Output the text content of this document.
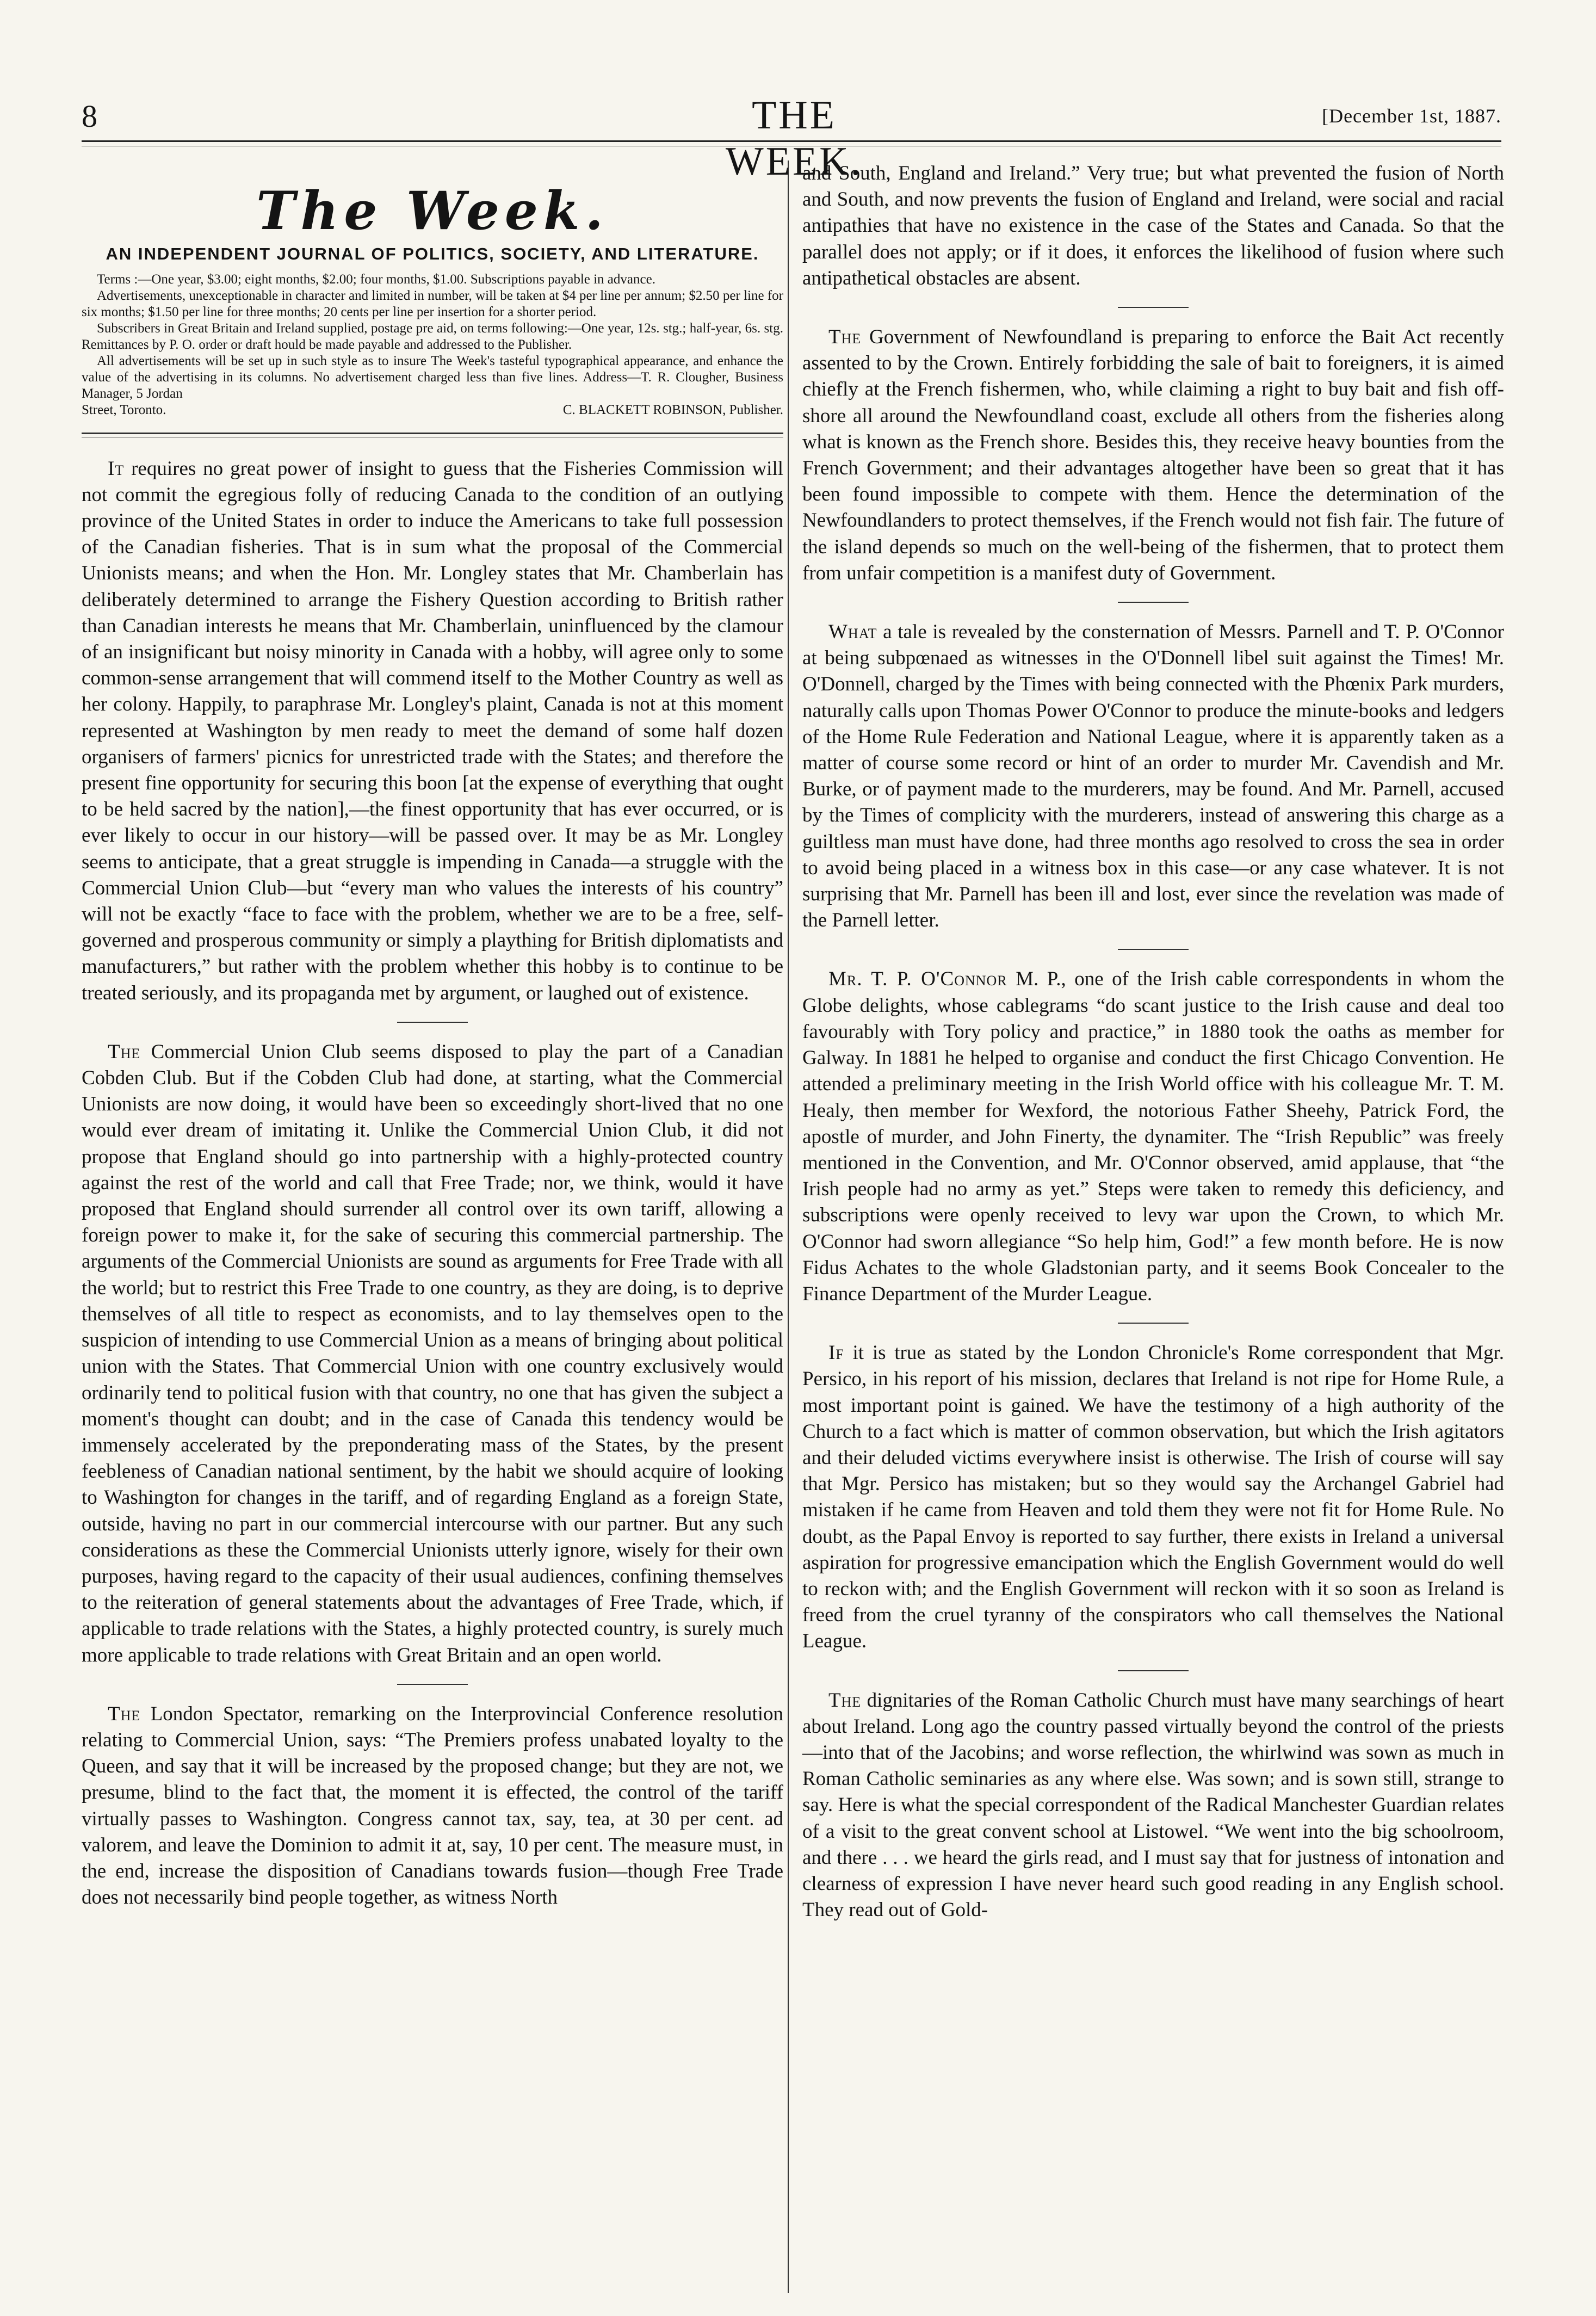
8	THE WEEK.
[December 1st, 1887.
The Week.
AN INDEPENDENT JOURNAL OF POLITICS, SOCIETY, AND LITERATURE.

Terms :—One year, $3.00; eight months, $2.00; four months, $1.00. Subscriptions payable in advance.

Advertisements, unexceptionable in character and limited in number, will be taken at $4 per line per annum; $2.50 per line for six months; $1.50 per line for three months; 20 cents per line per insertion for a shorter period.

Subscribers in Great Britain and Ireland supplied, postage pre aid, on terms following:—One year, 12s. stg.; half-year, 6s. stg. Remittances by P. O. order or draft hould be made payable and addressed to the Publisher.

All advertisements will be set up in such style as to insure The Week's tasteful typographical appearance, and enhance the value of the advertising in its columns. No advertisement charged less than five lines. Address—T. R. Clougher, Business Manager, 5 Jordan

Street, Toronto.	C. BLACKETT ROBINSON, Publisher.

It requires no great power of insight to guess that the Fisheries Commission will not commit the egregious folly of reducing Canada to the condition of an outlying province of the United States in order to induce the Americans to take full possession of the Canadian fisheries. That is in sum what the proposal of the Commercial Unionists means; and when the Hon. Mr. Longley states that Mr. Chamberlain has deliberately determined to arrange the Fishery Question according to British rather than Canadian interests he means that Mr. Chamberlain, uninfluenced by the clamour of an insignificant but noisy minority in Canada with a hobby, will agree only to some common-sense arrangement that will commend itself to the Mother Country as well as her colony. Happily, to paraphrase Mr. Longley's plaint, Canada is not at this moment represented at Washington by men ready to meet the demand of some half dozen organisers of farmers' picnics for unrestricted trade with the States; and therefore the present fine opportunity for securing this boon [at the expense of everything that ought to be held sacred by the nation],—the finest opportunity that has ever occurred, or is ever likely to occur in our history—will be passed over. It may be as Mr. Longley seems to anticipate, that a great struggle is impending in Canada—a struggle with the Commercial Union Club—but “every man who values the interests of his country” will not be exactly “face to face with the problem, whether we are to be a free, self-governed and prosperous community or simply a plaything for British diplomatists and manufacturers,” but rather with the problem whether this hobby is to continue to be treated seriously, and its propaganda met by argument, or laughed out of existence.

The Commercial Union Club seems disposed to play the part of a Canadian Cobden Club. But if the Cobden Club had done, at starting, what the Commercial Unionists are now doing, it would have been so exceedingly short-lived that no one would ever dream of imitating it. Unlike the Commercial Union Club, it did not propose that England should go into partnership with a highly-protected country against the rest of the world and call that Free Trade; nor, we think, would it have proposed that England should surrender all control over its own tariff, allowing a foreign power to make it, for the sake of securing this commercial partnership. The arguments of the Commercial Unionists are sound as arguments for Free Trade with all the world; but to restrict this Free Trade to one country, as they are doing, is to deprive themselves of all title to respect as economists, and to lay themselves open to the suspicion of intending to use Commercial Union as a means of bringing about political union with the States. That Commercial Union with one country exclusively would ordinarily tend to political fusion with that country, no one that has given the subject a moment's thought can doubt; and in the case of Canada this tendency would be immensely accelerated by the preponderating mass of the States, by the present feebleness of Canadian national sentiment, by the habit we should acquire of looking to Washington for changes in the tariff, and of regarding England as a foreign State, outside, having no part in our commercial intercourse with our partner. But any such considerations as these the Commercial Unionists utterly ignore, wisely for their own purposes, having regard to the capacity of their usual audiences, confining themselves to the reiteration of general statements about the advantages of Free Trade, which, if applicable to trade relations with the States, a highly protected country, is surely much more applicable to trade relations with Great Britain and an open world.

The London Spectator, remarking on the Interprovincial Conference resolution relating to Commercial Union, says: “The Premiers profess unabated loyalty to the Queen, and say that it will be increased by the proposed change; but they are not, we presume, blind to the fact that, the moment it is effected, the control of the tariff virtually passes to Washington. Congress cannot tax, say, tea, at 30 per cent. ad valorem, and leave the Dominion to admit it at, say, 10 per cent. The measure must, in the end, increase the disposition of Canadians towards fusion—though Free Trade does not necessarily bind people together, as witness North

and South, England and Ireland.” Very true; but what prevented the fusion of North and South, and now prevents the fusion of England and Ireland, were social and racial antipathies that have no existence in the case of the States and Canada. So that the parallel does not apply; or if it does, it enforces the likelihood of fusion where such antipathetical obstacles are absent.

The Government of Newfoundland is preparing to enforce the Bait Act recently assented to by the Crown. Entirely forbidding the sale of bait to foreigners, it is aimed chiefly at the French fishermen, who, while claiming a right to buy bait and fish off-shore all around the Newfoundland coast, exclude all others from the fisheries along what is known as the French shore. Besides this, they receive heavy bounties from the French Government; and their advantages altogether have been so great that it has been found impossible to compete with them. Hence the determination of the Newfoundlanders to protect themselves, if the French would not fish fair. The future of the island depends so much on the well-being of the fishermen, that to protect them from unfair competition is a manifest duty of Government.

What a tale is revealed by the consternation of Messrs. Parnell and T. P. O'Connor at being subpœnaed as witnesses in the O'Donnell libel suit against the Times! Mr. O'Donnell, charged by the Times with being connected with the Phœnix Park murders, naturally calls upon Thomas Power O'Connor to produce the minute-books and ledgers of the Home Rule Federation and National League, where it is apparently taken as a matter of course some record or hint of an order to murder Mr. Cavendish and Mr. Burke, or of payment made to the murderers, may be found. And Mr. Parnell, accused by the Times of complicity with the murderers, instead of answering this charge as a guiltless man must have done, had three months ago resolved to cross the sea in order to avoid being placed in a witness box in this case—or any case whatever. It is not surprising that Mr. Parnell has been ill and lost, ever since the revelation was made of the Parnell letter.

Mr. T. P. O'Connor M. P., one of the Irish cable correspondents in whom the Globe delights, whose cablegrams “do scant justice to the Irish cause and deal too favourably with Tory policy and practice,” in 1880 took the oaths as member for Galway. In 1881 he helped to organise and conduct the first Chicago Convention. He attended a preliminary meeting in the Irish World office with his colleague Mr. T. M. Healy, then member for Wexford, the notorious Father Sheehy, Patrick Ford, the apostle of murder, and John Finerty, the dynamiter. The “Irish Republic” was freely mentioned in the Convention, and Mr. O'Connor observed, amid applause, that “the Irish people had no army as yet.” Steps were taken to remedy this deficiency, and subscriptions were openly received to levy war upon the Crown, to which Mr. O'Connor had sworn allegiance “So help him, God!” a few month before. He is now Fidus Achates to the whole Gladstonian party, and it seems Book Concealer to the Finance Department of the Murder League.

If it is true as stated by the London Chronicle's Rome correspondent that Mgr. Persico, in his report of his mission, declares that Ireland is not ripe for Home Rule, a most important point is gained. We have the testimony of a high authority of the Church to a fact which is matter of common observation, but which the Irish agitators and their deluded victims everywhere insist is otherwise. The Irish of course will say that Mgr. Persico has mistaken; but so they would say the Archangel Gabriel had mistaken if he came from Heaven and told them they were not fit for Home Rule. No doubt, as the Papal Envoy is reported to say further, there exists in Ireland a universal aspiration for progressive emancipation which the English Government would do well to reckon with; and the English Government will reckon with it so soon as Ireland is freed from the cruel tyranny of the conspirators who call themselves the National League.

The dignitaries of the Roman Catholic Church must have many searchings of heart about Ireland. Long ago the country passed virtually beyond the control of the priests—into that of the Jacobins; and worse reflection, the whirlwind was sown as much in Roman Catholic seminaries as any where else. Was sown; and is sown still, strange to say. Here is what the special correspondent of the Radical Manchester Guardian relates of a visit to the great convent school at Listowel. “We went into the big schoolroom, and there . . . we heard the girls read, and I must say that for justness of intonation and clearness of expression I have never heard such good reading in any English school. They read out of Gold-
